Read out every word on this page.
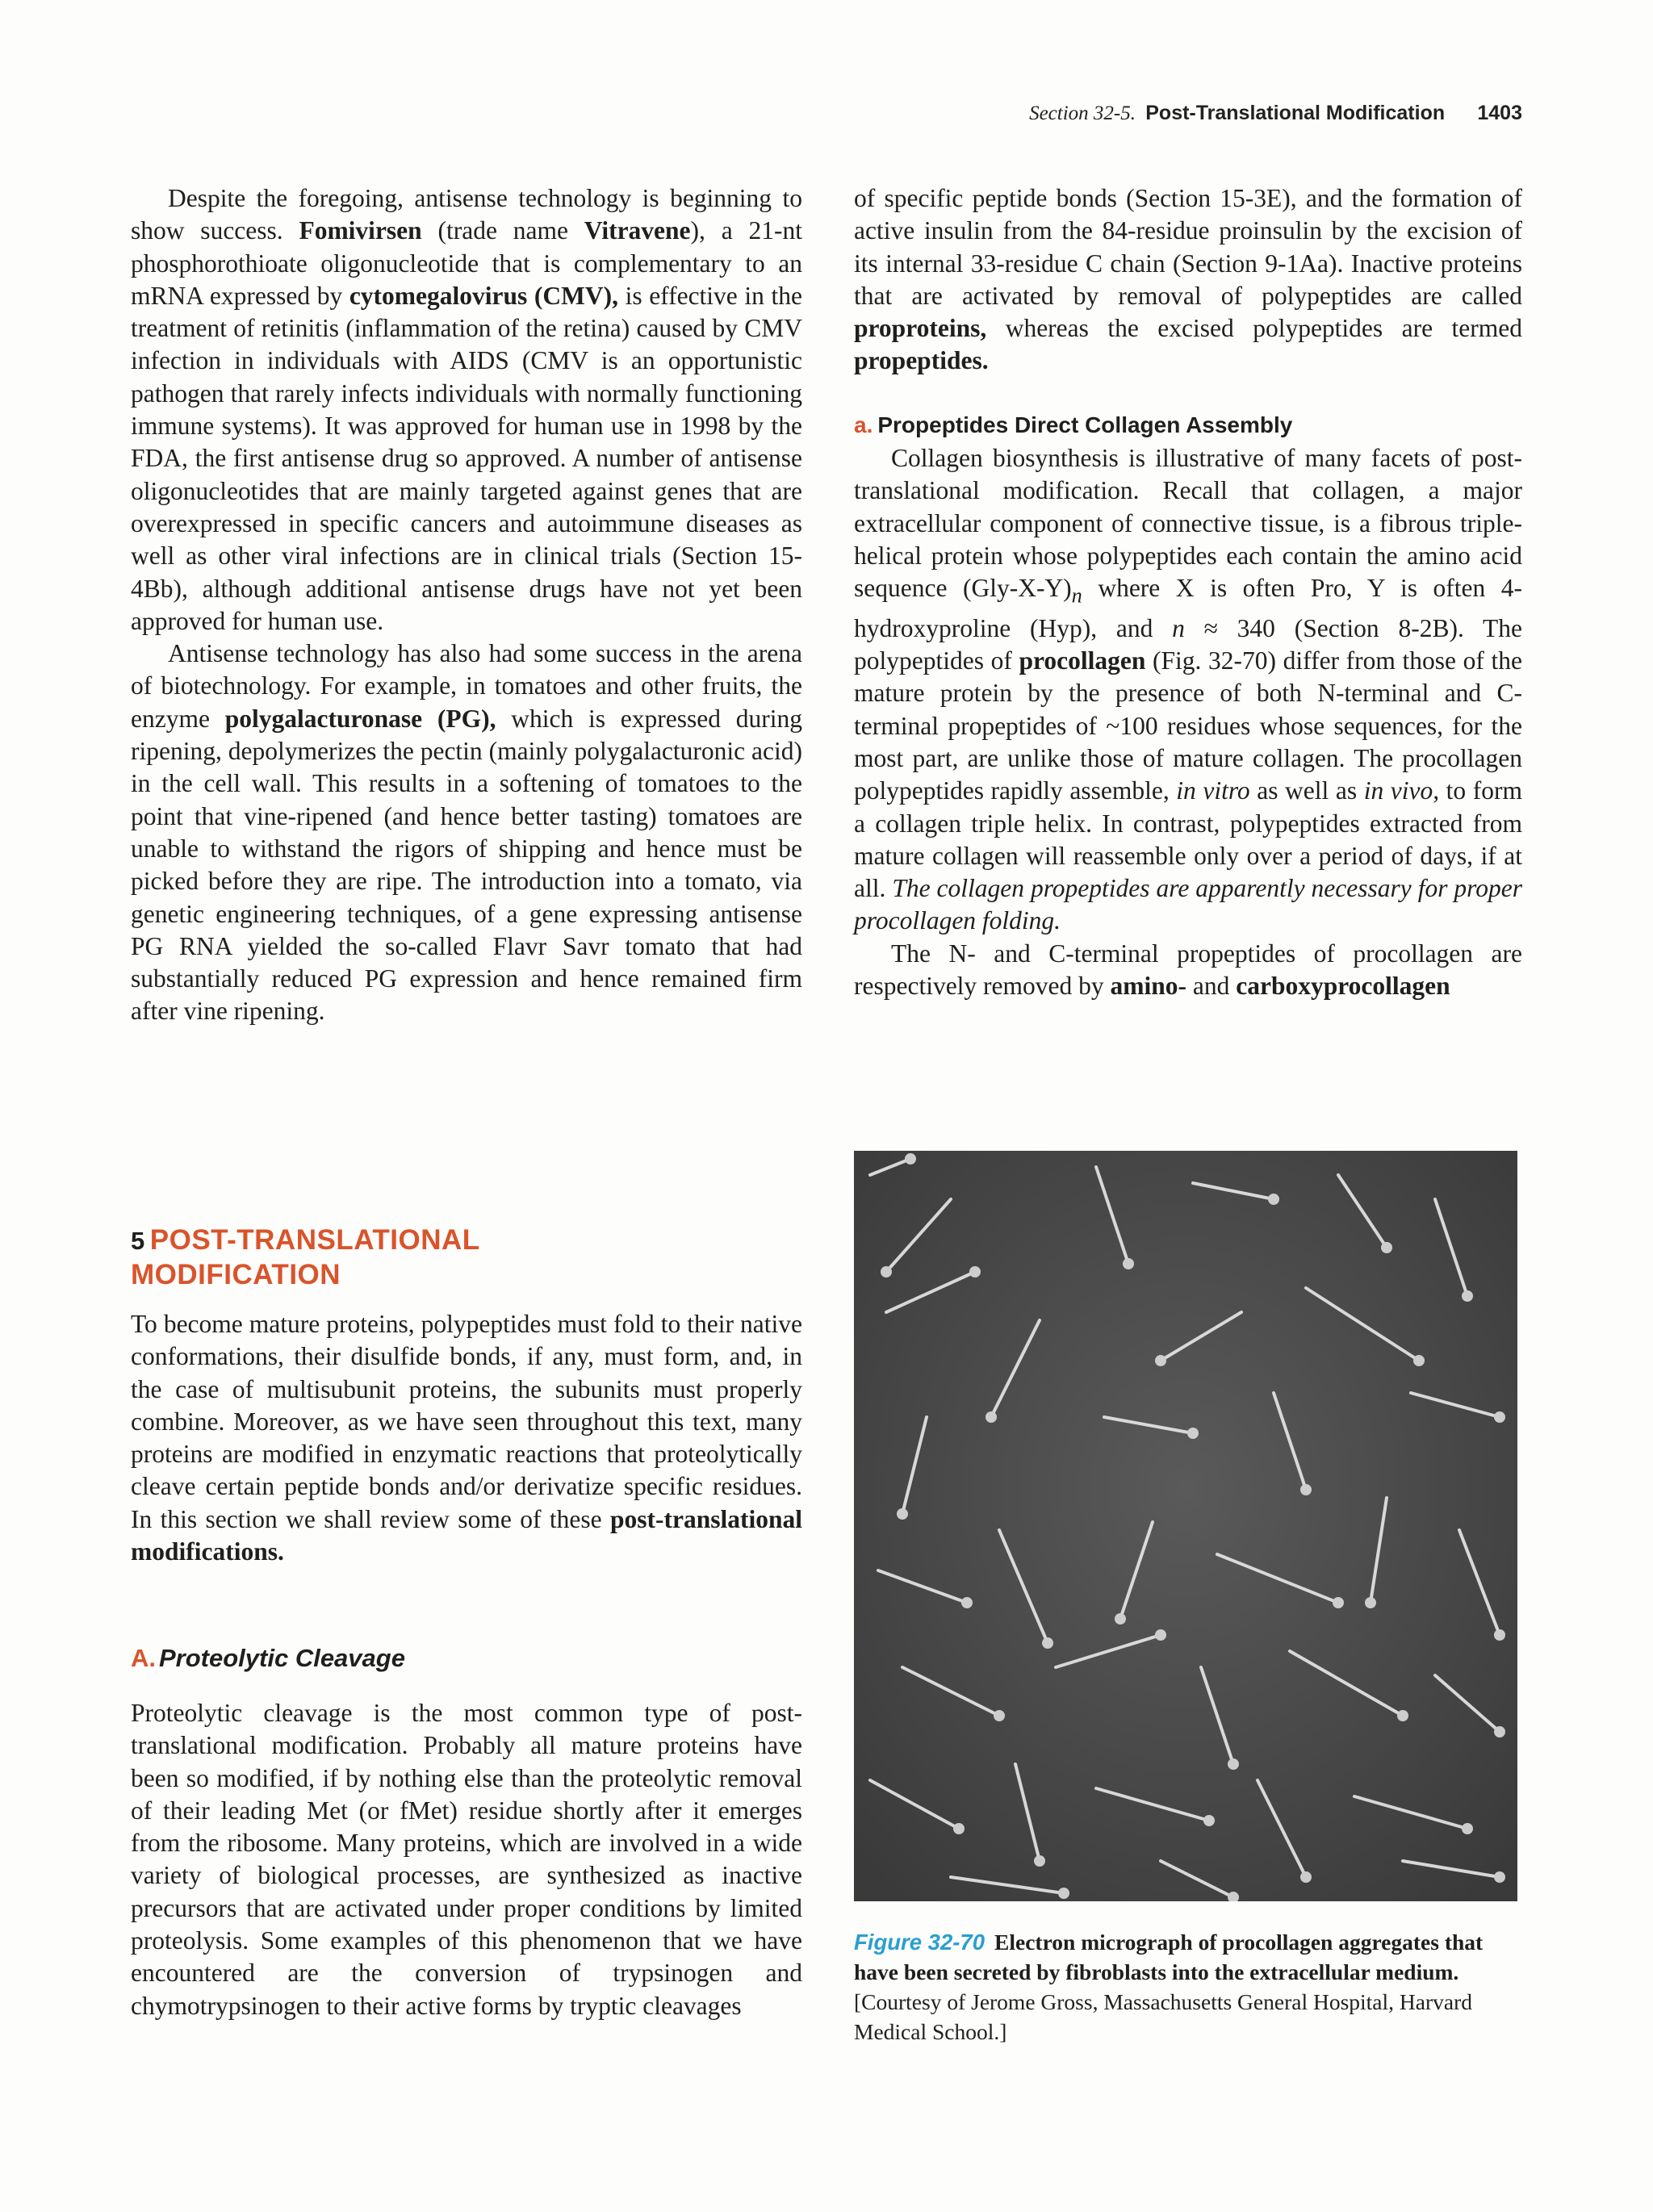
Section 32-5. Post-Translational Modification 1403

Despite the foregoing, antisense technology is beginning to show success. Fomivirsen (trade name Vitravene), a 21-nt phosphorothioate oligonucleotide that is complementary to an mRNA expressed by cytomegalovirus (CMV), is effective in the treatment of retinitis (inflammation of the retina) caused by CMV infection in individuals with AIDS (CMV is an opportunistic pathogen that rarely infects individuals with normally functioning immune systems). It was approved for human use in 1998 by the FDA, the first antisense drug so approved. A number of antisense oligonucleotides that are mainly targeted against genes that are overexpressed in specific cancers and autoimmune diseases as well as other viral infections are in clinical trials (Section 15-4Bb), although additional antisense drugs have not yet been approved for human use.

Antisense technology has also had some success in the arena of biotechnology. For example, in tomatoes and other fruits, the enzyme polygalacturonase (PG), which is expressed during ripening, depolymerizes the pectin (mainly polygalacturonic acid) in the cell wall. This results in a softening of tomatoes to the point that vine-ripened (and hence better tasting) tomatoes are unable to withstand the rigors of shipping and hence must be picked before they are ripe. The introduction into a tomato, via genetic engineering techniques, of a gene expressing antisense PG RNA yielded the so-called Flavr Savr tomato that had substantially reduced PG expression and hence remained firm after vine ripening.

5 POST-TRANSLATIONAL
MODIFICATION

To become mature proteins, polypeptides must fold to their native conformations, their disulfide bonds, if any, must form, and, in the case of multisubunit proteins, the subunits must properly combine. Moreover, as we have seen throughout this text, many proteins are modified in enzymatic reactions that proteolytically cleave certain peptide bonds and/or derivatize specific residues. In this section we shall review some of these post-translational modifications.

A. Proteolytic Cleavage

Proteolytic cleavage is the most common type of post-translational modification. Probably all mature proteins have been so modified, if by nothing else than the proteolytic removal of their leading Met (or fMet) residue shortly after it emerges from the ribosome. Many proteins, which are involved in a wide variety of biological processes, are synthesized as inactive precursors that are activated under proper conditions by limited proteolysis. Some examples of this phenomenon that we have encountered are the conversion of trypsinogen and chymotrypsinogen to their active forms by tryptic cleavages

of specific peptide bonds (Section 15-3E), and the formation of active insulin from the 84-residue proinsulin by the excision of its internal 33-residue C chain (Section 9-1Aa). Inactive proteins that are activated by removal of polypeptides are called proproteins, whereas the excised polypeptides are termed propeptides.

a. Propeptides Direct Collagen Assembly

Collagen biosynthesis is illustrative of many facets of post-translational modification. Recall that collagen, a major extracellular component of connective tissue, is a fibrous triple-helical protein whose polypeptides each contain the amino acid sequence $(Gly-X-Y)_n$ where X is often Pro, Y is often 4-hydroxyproline (Hyp), and n ≈ 340 (Section 8-2B). The polypeptides of procollagen (Fig. 32-70) differ from those of the mature protein by the presence of both N-terminal and C-terminal propeptides of ~100 residues whose sequences, for the most part, are unlike those of mature collagen. The procollagen polypeptides rapidly assemble, in vitro as well as in vivo, to form a collagen triple helix. In contrast, polypeptides extracted from mature collagen will reassemble only over a period of days, if at all. The collagen propeptides are apparently necessary for proper procollagen folding.

The N- and C-terminal propeptides of procollagen are respectively removed by amino- and carboxyprocollagen

Figure 32-70 Electron micrograph of procollagen aggregates that have been secreted by fibroblasts into the extracellular medium. [Courtesy of Jerome Gross, Massachusetts General Hospital, Harvard Medical School.]
